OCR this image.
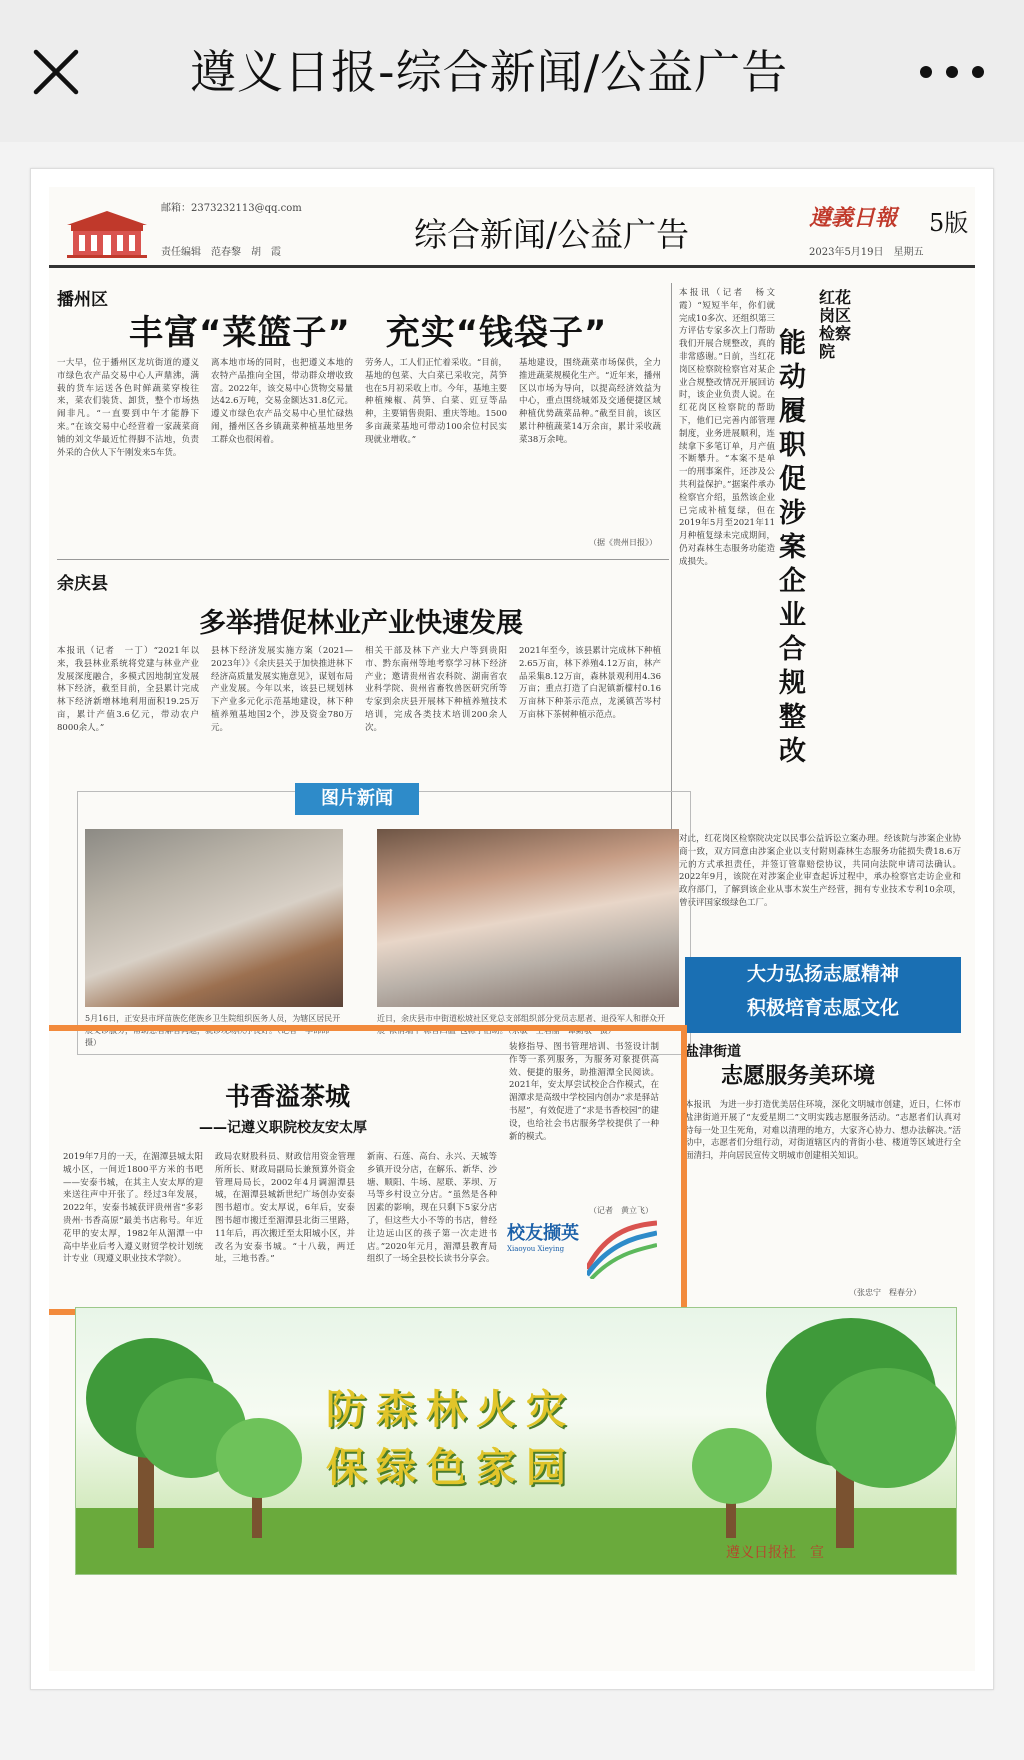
遵义日报-综合新闻/公益广告
邮箱：2373232113@qq.com
责任编辑　范春黎　胡　霞	综合新闻/公益广告	遵義日報 5版
2023年5月19日　星期五
播州区
丰富“菜篮子”　充实“钱袋子”
一大早，位于播州区龙坑街道的遵义市绿色农产品交易中心人声鼎沸，满载的货车运送各色时鲜蔬菜穿梭往来，菜农们装货、卸货，整个市场热闹非凡。“一直要到中午才能静下来。”在该交易中心经营着一家蔬菜商铺的刘文华最近忙得脚不沾地，负责外采的合伙人下午刚发来5车货。
离本地市场的同时，也把遵义本地的农特产品推向全国，带动群众增收致富。2022年，该交易中心货物交易量达42.6万吨，交易金额达31.8亿元。遵义市绿色农产品交易中心里忙碌热闹，播州区各乡镇蔬菜种植基地里务工群众也很闲着。
劳务人，工人们正忙着采收。“目前，基地的包菜、大白菜已采收完，莴笋也在5月初采收上市。今年，基地主要种植辣椒、莴笋、白菜、豇豆等品种，主要销售贵阳、重庆等地。1500多亩蔬菜基地可带动100余位村民实现就业增收。”
基地建设，围绕蔬菜市场保供，全力推进蔬菜规模化生产。“近年来，播州区以市场为导向，以提高经济效益为中心，重点围绕城郊及交通便捷区域种植优势蔬菜品种。”截至目前，该区累计种植蔬菜14万余亩，累计采收蔬菜38万余吨。
（据《贵州日报》）
余庆县
多举措促林业产业快速发展
本报讯（记者　一丁）“2021年以来，我县林业系统将党建与林业产业发展深度融合，多模式因地制宜发展林下经济，截至目前，全县累计完成林下经济新增林地利用面积19.25万亩，累计产值3.6亿元，带动农户8000余人。”
县林下经济发展实施方案（2021—2023年）》《余庆县关于加快推进林下经济高质量发展实施意见》，谋划布局产业发展。今年以来，该县已规划林下产业多元化示范基地建设，林下种植养殖基地国2个，涉及资金780万元。
相关干部及林下产业大户等到贵阳市、黔东南州等地考察学习林下经济产业；邀请贵州省农科院、湖南省农业科学院、贵州省畜牧兽医研究所等专家到余庆县开展林下种植养殖技术培训，完成各类技术培训200余人次。
2021年至今，该县累计完成林下种植2.65万亩，林下养殖4.12万亩，林产品采集8.12万亩，森林景观利用4.36万亩；重点打造了白泥镇新檬村0.16万亩林下种茶示范点，龙溪镇苦岑村万亩林下茶树种植示范点。
本报讯（记者　杨文霞）“短短半年，你们就完成10多次、还组织第三方评估专家多次上门帮助我们开展合规整改，真的非常感谢。”日前，当红花岗区检察院检察官对某企业合规整改情况开展回访时，该企业负责人说。在红花岗区检察院的帮助下，他们已完善内部管理制度，业务进展顺利，连续拿下多笔订单，月产值不断攀升。“本案不是单一的刑事案件，还涉及公共利益保护。”据案件承办检察官介绍，虽然该企业已完成补植复绿，但在2019年5月至2021年11月种植复绿未完成期间，仍对森林生态服务功能造成损失。
红花岗区检察院
能动履职促涉案企业合规整改
对此，红花岗区检察院决定以民事公益诉讼立案办理。经该院与涉案企业协商一致，双方同意由涉案企业以支付附则森林生态服务功能损失费18.6万元的方式承担责任，并签订管靠赔偿协议，共同向法院申请司法确认。2022年9月，该院在对涉案企业审查起诉过程中，承办检察官走访企业和政府部门，了解到该企业从事木炭生产经营，拥有专业技术专利10余项，曾获评国家级绿色工厂。
图片新闻
5月16日，正安县市坪苗族仡佬族乡卫生院组织医务人员，为辖区居民开展义诊服务，帮助患者解答问题，就诊现场秩序良好。（记者　李锦锦　摄）
近日，余庆县市中街道松坡社区党总支部组织部分党员志愿者、退役军人和群众开展“浓情端午·粽香四溢”包粽子活动。（余敏　王君丽　谭勤敬　摄）
大力弘扬志愿精神
积极培育志愿文化
盐津街道
志愿服务美环境
本报讯　为进一步打造优美居住环境，深化文明城市创建，近日，仁怀市盐津街道开展了“友爱星期二”文明实践志愿服务活动。“志愿者们认真对待每一处卫生死角，对难以清理的地方，大家齐心协力、想办法解决。”活动中，志愿者们分组行动，对街道辖区内的背街小巷、楼道等区域进行全面清扫，并向居民宣传文明城市创建相关知识。
（张忠宁　程春分）
书香溢茶城
——记遵义职院校友安太厚
2019年7月的一天，在湄潭县城太阳城小区，一间近1800平方米的书吧——安泰书城，在其主人安太厚的迎来送往声中开张了。经过3年发展，2022年，安泰书城获评贵州省“多彩贵州·书香高原”最美书店称号。年近花甲的安太厚，1982年从湄潭一中高中毕业后考入遵义财贸学校计划统计专业（现遵义职业技术学院）。
政局农财股科员、财政信用资金管理所所长、财政局副局长兼预算外资金管理局局长，2002年4月调湄潭县城，在湄潭县城新世纪广场创办安泰图书超市。安太厚说，6年后，安泰图书超市搬迁至湄潭县北街三里路，11年后，再次搬迁至太阳城小区，并改名为安泰书城。“十八载，两迁址，三地书香。”
新南、石莲、高台、永兴、天城等乡镇开设分店，在解乐、新华、沙塘、顺阳、牛场、屋联、茅坝、万马等乡村设立分店。“虽然是各种因素的影响，现在只剩下5家分店了，但这些大小不等的书店，曾经让边远山区的孩子第一次走进书店。”2020年元月，湄潭县教育局组织了一场全县校长读书分享会。
装修指导、图书管理培训、书签设计制作等一系列服务，为服务对象提供高效、便捷的服务，助推湄潭全民阅读。2021年，安太厚尝试校企合作模式，在湄潭求是高级中学校园内创办“求是驿站书屋”，有效促进了“求是书香校园”的建设，也给社会书店服务学校提供了一种新的模式。
（记者　黄立飞）
校友撷英
Xiaoyou Xieying
防森林火灾
保绿色家园
遵义日报社　宣
